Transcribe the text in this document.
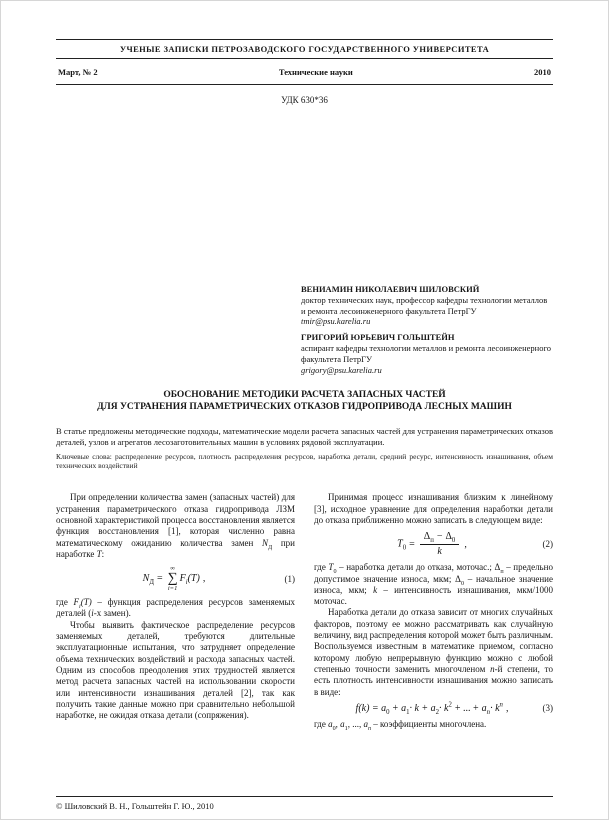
УЧЕНЫЕ ЗАПИСКИ ПЕТРОЗАВОДСКОГО ГОСУДАРСТВЕННОГО УНИВЕРСИТЕТА
Март, № 2	Технические науки	2010
УДК 630*36
ВЕНИАМИН НИКОЛАЕВИЧ ШИЛОВСКИЙ
доктор технических наук, профессор кафедры технологии металлов и ремонта лесоинженерного факультета ПетрГУ
tmir@psu.karelia.ru
ГРИГОРИЙ ЮРЬЕВИЧ ГОЛЬШТЕЙН
аспирант кафедры технологии металлов и ремонта лесоинженерного факультета ПетрГУ
grigory@psu.karelia.ru
ОБОСНОВАНИЕ МЕТОДИКИ РАСЧЕТА ЗАПАСНЫХ ЧАСТЕЙ
ДЛЯ УСТРАНЕНИЯ ПАРАМЕТРИЧЕСКИХ ОТКАЗОВ ГИДРОПРИВОДА ЛЕСНЫХ МАШИН

В статье предложены методические подходы, математические модели расчета запасных частей для устранения параметрических отказов деталей, узлов и агрегатов лесозаготовительных машин в условиях рядовой эксплуатации.

Ключевые слова: распределение ресурсов, плотность распределения ресурсов, наработка детали, средний ресурс, интенсивность изнашивания, объем технических воздействий

При определении количества замен (запасных частей) для устранения параметрического отказа гидропривода ЛЗМ основной характеристикой процесса восстановления является функция восстановления [1], которая численно равна математическому ожиданию количества замен $N_Д$ при наработке T:

$N_Д$ =
∞
∑
i=1
$F_i(T)$ ,	(1)

где $F_i(T)$ – функция распределения ресурсов заменяемых деталей (i-х замен).

Чтобы выявить фактическое распределение ресурсов заменяемых деталей, требуются длительные эксплуатационные испытания, что затрудняет определение объема технических воздействий и расхода запасных частей. Одним из способов преодоления этих трудностей является метод расчета запасных частей на использовании скорости или интенсивности изнашивания деталей [2], так как получить такие данные можно при сравнительно небольшой наработке, не ожидая отказа детали (сопряжения).

Принимая процесс изнашивания близким к линейному [3], исходное уравнение для определения наработки детали до отказа приближенно можно записать в следующем виде:

$T_0 = \frac{\Delta_п - \Delta_0}{k}$ ,	(2)

где $T_0$ – наработка детали до отказа, моточас.; $\Delta_п$ – предельно допустимое значение износа, мкм; $\Delta_0$ – начальное значение износа, мкм; k – интенсивность изнашивания, мкм/1000 моточас.

Наработка детали до отказа зависит от многих случайных факторов, поэтому ее можно рассматривать как случайную величину, вид распределения которой может быть различным. Воспользуемся известным в математике приемом, согласно которому любую непрерывную функцию можно с любой степенью точности заменить многочленом n-й степени, то есть плотность интенсивности изнашивания можно записать в виде:

$f(k) = a_0 + a_1\cdot k + a_2\cdot k^2$ + ... + $a_n\cdot k^n$ ,	(3)

где $a_0$, $a_1$, ..., $a_n$ – коэффициенты многочлена.

© Шиловский В. Н., Гольштейн Г. Ю., 2010
